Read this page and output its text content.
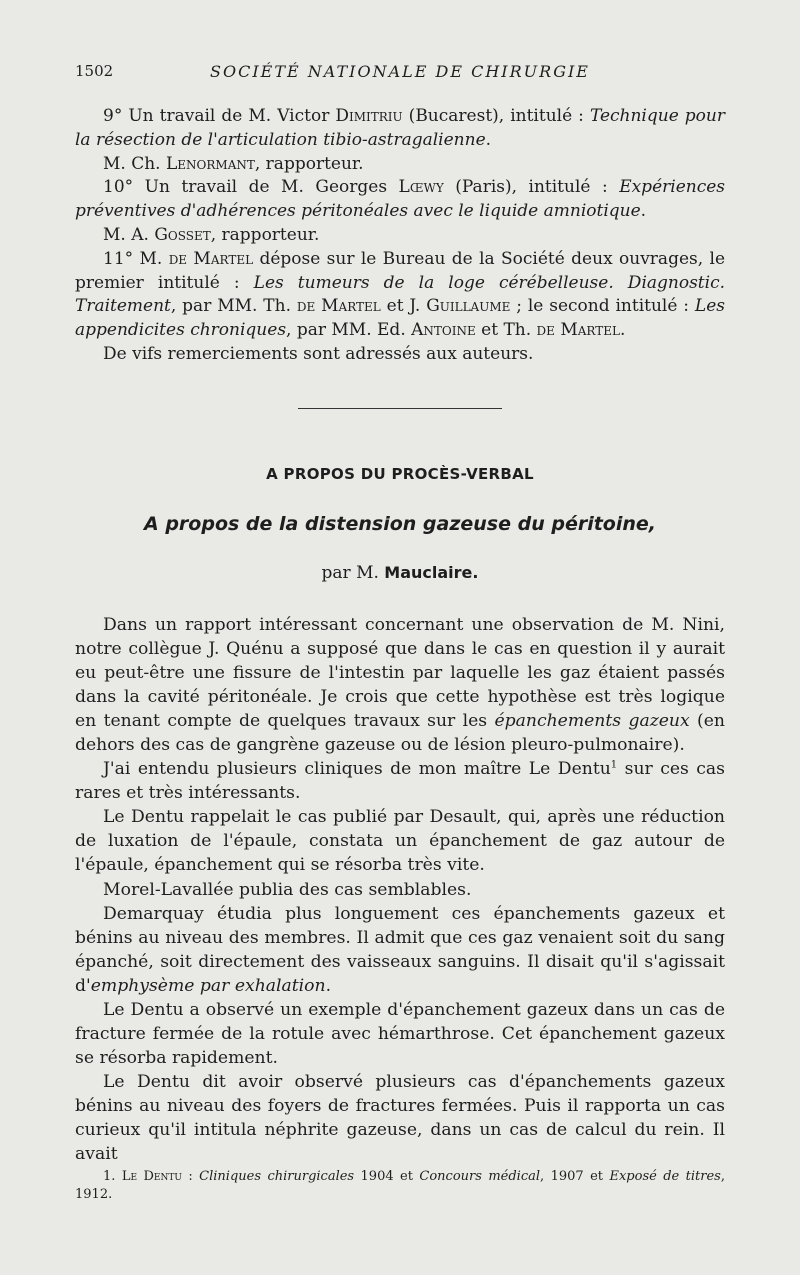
1502	SOCIÉTÉ NATIONALE DE CHIRURGIE

9° Un travail de M. Victor Dimitriu (Bucarest), intitulé : Technique pour la résection de l'articulation tibio-astragalienne.

M. Ch. Lenormant, rapporteur.

10° Un travail de M. Georges Lœwy (Paris), intitulé : Expériences préventives d'adhérences péritonéales avec le liquide amniotique.

M. A. Gosset, rapporteur.

11° M. de Martel dépose sur le Bureau de la Société deux ouvrages, le premier intitulé : Les tumeurs de la loge cérébelleuse. Diagnostic. Traitement, par MM. Th. de Martel et J. Guillaume ; le second intitulé : Les appendicites chroniques, par MM. Ed. Antoine et Th. de Martel.

De vifs remerciements sont adressés aux auteurs.

A PROPOS DU PROCÈS-VERBAL
A propos de la distension gazeuse du péritoine,
par M. Mauclaire.

Dans un rapport intéressant concernant une observation de M. Nini, notre collègue J. Quénu a supposé que dans le cas en question il y aurait eu peut-être une fissure de l'intestin par laquelle les gaz étaient passés dans la cavité péritonéale. Je crois que cette hypothèse est très logique en tenant compte de quelques travaux sur les épanchements gazeux (en dehors des cas de gangrène gazeuse ou de lésion pleuro-pulmonaire).

J'ai entendu plusieurs cliniques de mon maître Le Dentu$^1$ sur ces cas rares et très intéressants.

Le Dentu rappelait le cas publié par Desault, qui, après une réduction de luxation de l'épaule, constata un épanchement de gaz autour de l'épaule, épanchement qui se résorba très vite.

Morel-Lavallée publia des cas semblables.

Demarquay étudia plus longuement ces épanchements gazeux et bénins au niveau des membres. Il admit que ces gaz venaient soit du sang épanché, soit directement des vaisseaux sanguins. Il disait qu'il s'agissait d'emphysème par exhalation.

Le Dentu a observé un exemple d'épanchement gazeux dans un cas de fracture fermée de la rotule avec hémarthrose. Cet épanchement gazeux se résorba rapidement.

Le Dentu dit avoir observé plusieurs cas d'épanchements gazeux bénins au niveau des foyers de fractures fermées. Puis il rapporta un cas curieux qu'il intitula néphrite gazeuse, dans un cas de calcul du rein. Il avait

1. Le Dentu : Cliniques chirurgicales 1904 et Concours médical, 1907 et Exposé de titres, 1912.
